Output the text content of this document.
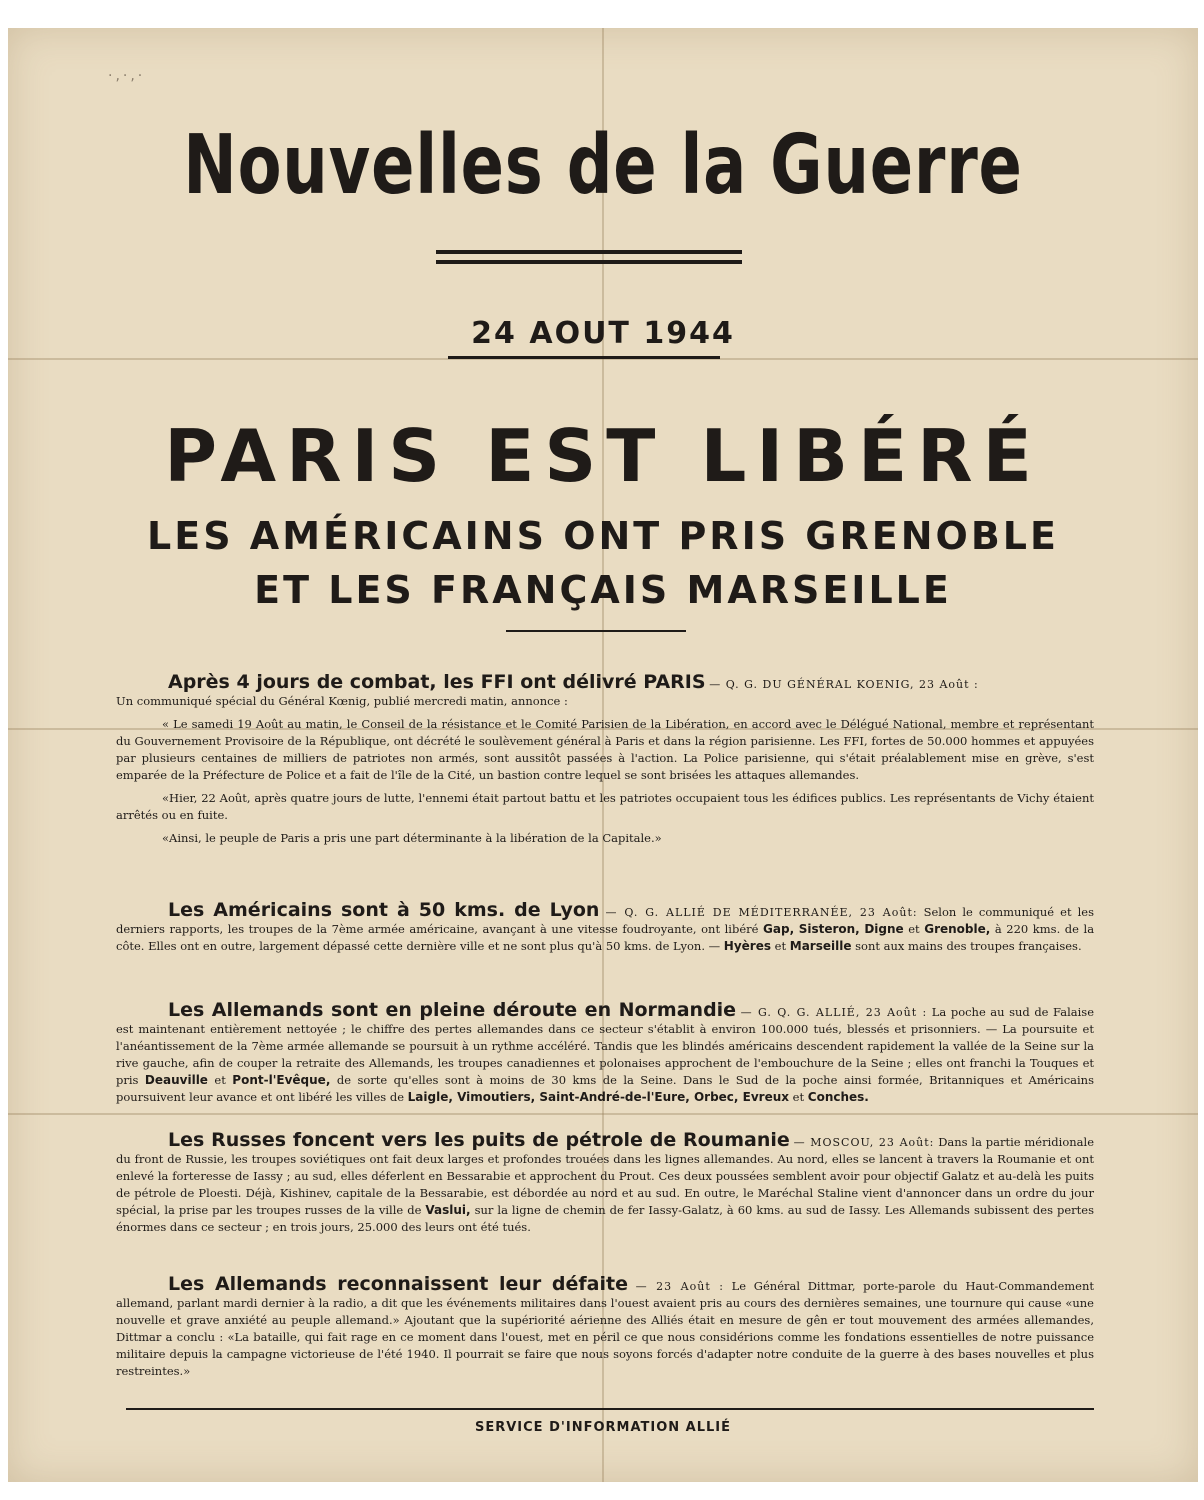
·,·,·
Nouvelles de la Guerre
24 AOUT 1944
PARIS EST LIBÉRÉ
LES AMÉRICAINS ONT PRIS GRENOBLE
ET LES FRANÇAIS MARSEILLE
Après 4 jours de combat, les FFI ont délivré PARIS — Q. G. DU GÉNÉRAL KOENIG, 23 Août :

Un communiqué spécial du Général Kœnig, publié mercredi matin, annonce :

« Le samedi 19 Août au matin, le Conseil de la résistance et le Comité Parisien de la Libération, en accord avec le Délégué National, membre et représentant du Gouvernement Provisoire de la République, ont décrété le soulèvement général à Paris et dans la région parisienne. Les FFI, fortes de 50.000 hommes et appuyées par plusieurs centaines de milliers de patriotes non armés, sont aussitôt passées à l'action. La Police parisienne, qui s'était préalablement mise en grève, s'est emparée de la Préfecture de Police et a fait de l'île de la Cité, un bastion contre lequel se sont brisées les attaques allemandes.

«Hier, 22 Août, après quatre jours de lutte, l'ennemi était partout battu et les patriotes occupaient tous les édifices publics. Les représentants de Vichy étaient arrêtés ou en fuite.

«Ainsi, le peuple de Paris a pris une part déterminante à la libération de la Capitale.»

Les Américains sont à 50 kms. de Lyon — Q. G. ALLIÉ DE MÉDITERRANÉE, 23 Août: Selon le communiqué et les derniers rapports, les troupes de la 7ème armée américaine, avançant à une vitesse foudroyante, ont libéré Gap, Sisteron, Digne et Grenoble, à 220 kms. de la côte. Elles ont en outre, largement dépassé cette dernière ville et ne sont plus qu'à 50 kms. de Lyon. — Hyères et Marseille sont aux mains des troupes françaises.

Les Allemands sont en pleine déroute en Normandie — G. Q. G. ALLIÉ, 23 Août : La poche au sud de Falaise est maintenant entièrement nettoyée ; le chiffre des pertes allemandes dans ce secteur s'établit à environ 100.000 tués, blessés et prisonniers. — La poursuite et l'anéantissement de la 7ème armée allemande se poursuit à un rythme accéléré. Tandis que les blindés américains descendent rapidement la vallée de la Seine sur la rive gauche, afin de couper la retraite des Allemands, les troupes canadiennes et polonaises approchent de l'embouchure de la Seine ; elles ont franchi la Touques et pris Deauville et Pont-l'Evêque, de sorte qu'elles sont à moins de 30 kms de la Seine. Dans le Sud de la poche ainsi formée, Britanniques et Américains poursuivent leur avance et ont libéré les villes de Laigle, Vimoutiers, Saint-André-de-l'Eure, Orbec, Evreux et Conches.

Les Russes foncent vers les puits de pétrole de Roumanie — MOSCOU, 23 Août: Dans la partie méridionale du front de Russie, les troupes soviétiques ont fait deux larges et profondes trouées dans les lignes allemandes. Au nord, elles se lancent à travers la Roumanie et ont enlevé la forteresse de Iassy ; au sud, elles déferlent en Bessarabie et approchent du Prout. Ces deux poussées semblent avoir pour objectif Galatz et au-delà les puits de pétrole de Ploesti. Déjà, Kishinev, capitale de la Bessarabie, est débordée au nord et au sud. En outre, le Maréchal Staline vient d'annoncer dans un ordre du jour spécial, la prise par les troupes russes de la ville de Vaslui, sur la ligne de chemin de fer Iassy-Galatz, à 60 kms. au sud de Iassy. Les Allemands subissent des pertes énormes dans ce secteur ; en trois jours, 25.000 des leurs ont été tués.

Les Allemands reconnaissent leur défaite — 23 Août : Le Général Dittmar, porte-parole du Haut-Commandement allemand, parlant mardi dernier à la radio, a dit que les événements militaires dans l'ouest avaient pris au cours des dernières semaines, une tournure qui cause «une nouvelle et grave anxiété au peuple allemand.» Ajoutant que la supériorité aérienne des Alliés était en mesure de gên er tout mouvement des armées allemandes, Dittmar a conclu : «La bataille, qui fait rage en ce moment dans l'ouest, met en péril ce que nous considérions comme les fondations essentielles de notre puissance militaire depuis la campagne victorieuse de l'été 1940. Il pourrait se faire que nous soyons forcés d'adapter notre conduite de la guerre à des bases nouvelles et plus restreintes.»

SERVICE D'INFORMATION ALLIÉ
